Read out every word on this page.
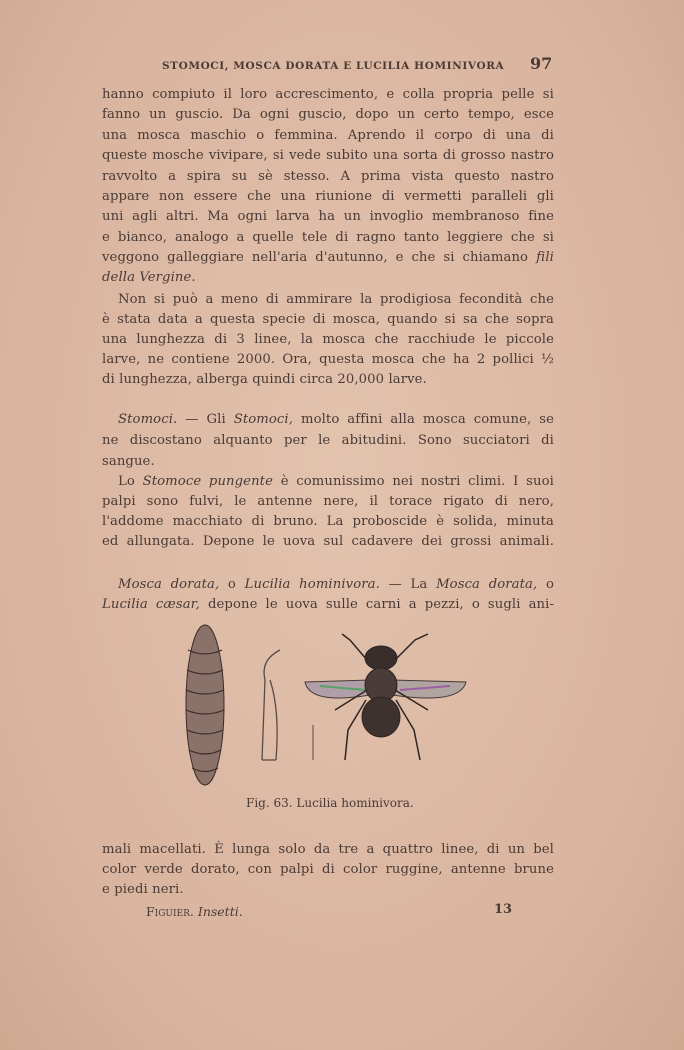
STOMOCI, MOSCA DORATA E LUCILIA HOMINIVORA 97
hanno compiuto il loro accrescimento, e colla propria pelle si
fanno un guscio. Da ogni guscio, dopo un certo tempo, esce
una mosca maschio o femmina. Aprendo il corpo di una di
queste mosche vivipare, si vede subito una sorta di grosso nastro
ravvolto a spira su sè stesso. A prima vista questo nastro
appare non essere che una riunione di vermetti paralleli gli
uni agli altri. Ma ogni larva ha un invoglio membranoso fine
e bianco, analogo a quelle tele di ragno tanto leggiere che si
veggono galleggiare nell'aria d'autunno, e che si chiamano fili
della Vergine.
Non si può a meno di ammirare la prodigiosa fecondità che
è stata data a questa specie di mosca, quando si sa che sopra
una lunghezza di 3 linee, la mosca che racchiude le piccole
larve, ne contiene 2000. Ora, questa mosca che ha 2 pollici ½
di lunghezza, alberga quindi circa 20,000 larve.
Stomoci. — Gli Stomoci, molto affini alla mosca comune, se
ne discostano alquanto per le abitudini. Sono succiatori di
sangue.
Lo Stomoce pungente è comunissimo nei nostri climi. I suoi
palpi sono fulvi, le antenne nere, il torace rigato di nero,
l'addome macchiato di bruno. La proboscide è solida, minuta
ed allungata. Depone le uova sul cadavere dei grossi animali.
Mosca dorata, o Lucilia hominivora. — La Mosca dorata, o
Lucilia cæsar, depone le uova sulle carni a pezzi, o sugli ani-
Fig. 63. Lucilia hominivora.
mali macellati. È lunga solo da tre a quattro linee, di un bel
color verde dorato, con palpi di color ruggine, antenne brune
e piedi neri.
Figuier. Insetti.	13
